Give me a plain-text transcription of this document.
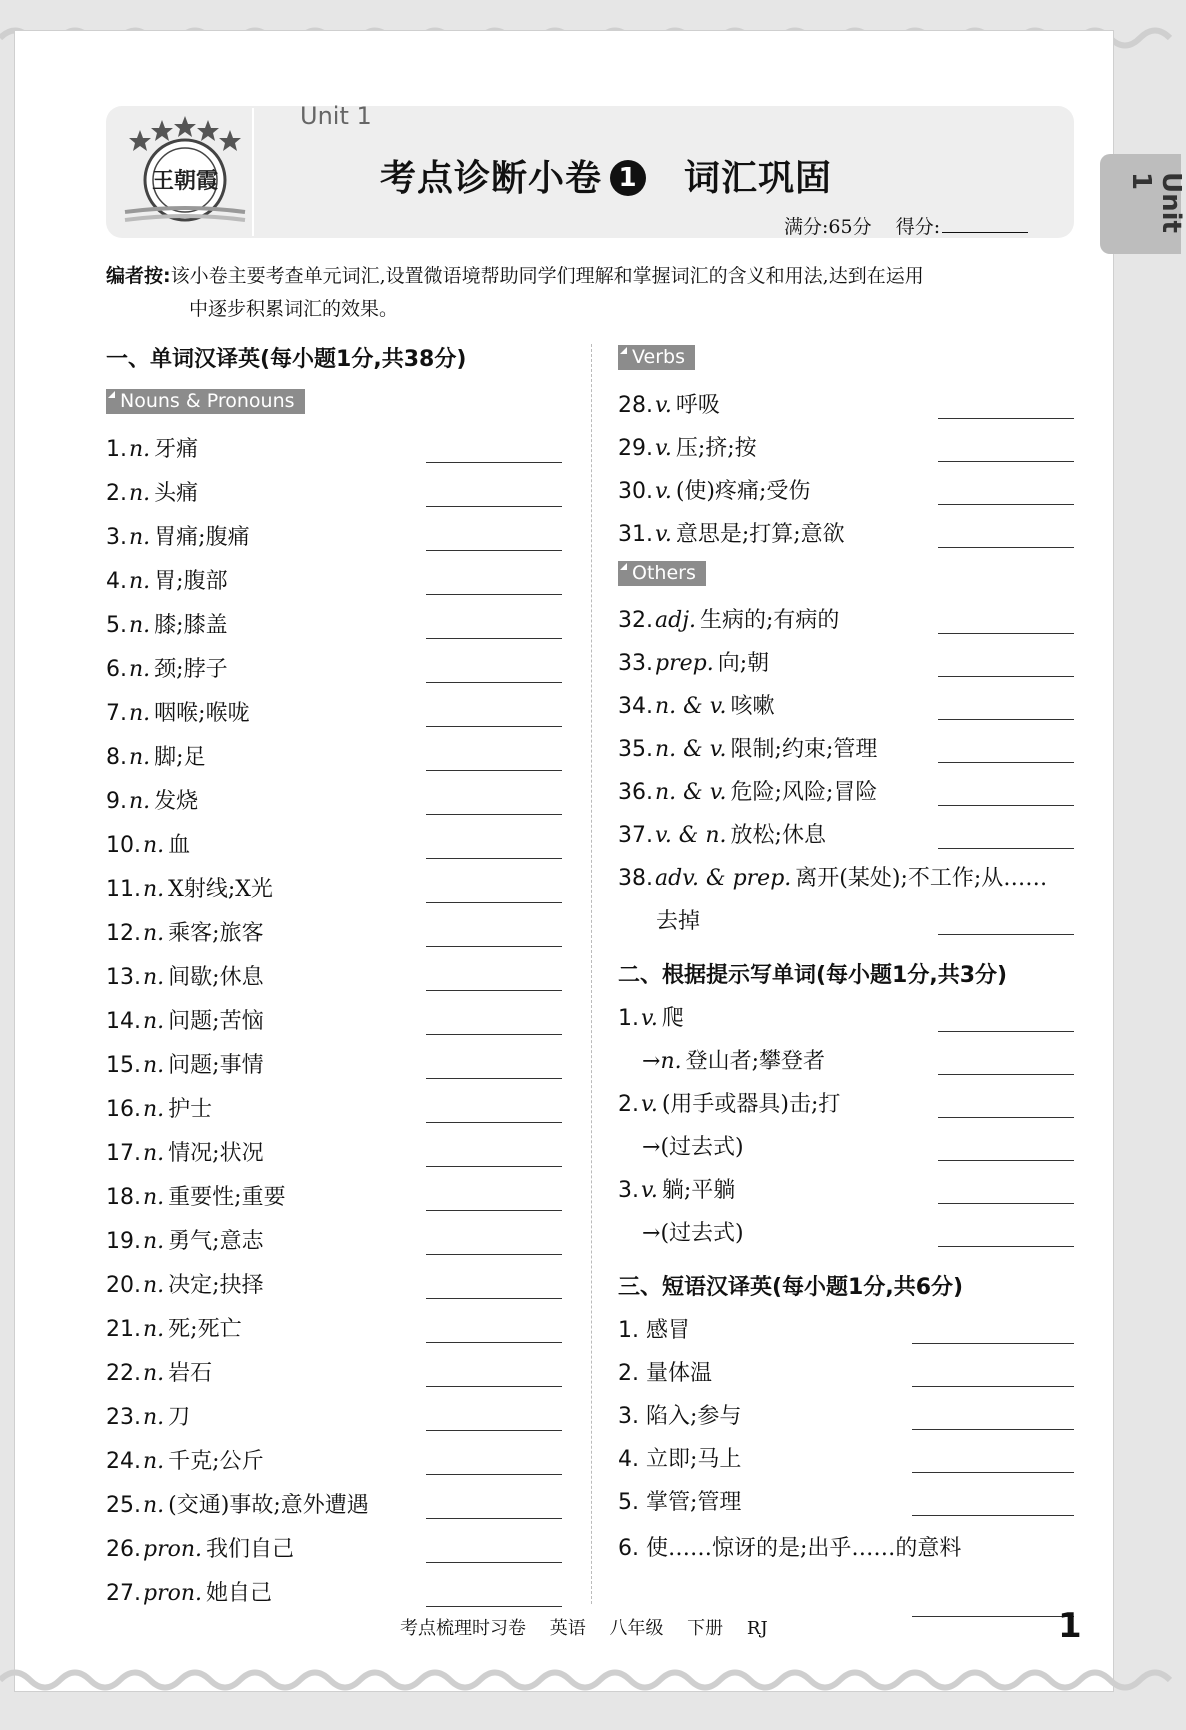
王朝霞
Unit 1
考点诊断小卷 1 词汇巩固
满分:65分 得分:	Unit 1
编者按:该小卷主要考查单元词汇,设置微语境帮助同学们理解和掌握词汇的含义和用法,达到在运用
中逐步积累词汇的效果。
一、单词汉译英(每小题1分,共38分)
Nouns & Pronouns
1.n. 牙痛
2.n. 头痛
3.n. 胃痛;腹痛
4.n. 胃;腹部
5.n. 膝;膝盖
6.n. 颈;脖子
7.n. 咽喉;喉咙
8.n. 脚;足
9.n. 发烧
10.n. 血
11.n. X射线;X光
12.n. 乘客;旅客
13.n. 间歇;休息
14.n. 问题;苦恼
15.n. 问题;事情
16.n. 护士
17.n. 情况;状况
18.n. 重要性;重要
19.n. 勇气;意志
20.n. 决定;抉择
21.n. 死;死亡
22.n. 岩石
23.n. 刀
24.n. 千克;公斤
25.n. (交通)事故;意外遭遇
26.pron. 我们自己
27.pron. 她自己
Verbs
28.v. 呼吸
29.v. 压;挤;按
30.v. (使)疼痛;受伤
31.v. 意思是;打算;意欲
Others
32.adj. 生病的;有病的
33.prep. 向;朝
34.n. & v. 咳嗽
35.n. & v. 限制;约束;管理
36.n. & v. 危险;风险;冒险
37.v. & n. 放松;休息
38.adv. & prep. 离开(某处);不工作;从……
去掉
二、根据提示写单词(每小题1分,共3分)
1.v. 爬
→n. 登山者;攀登者
2.v. (用手或器具)击;打
→(过去式)
3.v. 躺;平躺
→(过去式)
三、短语汉译英(每小题1分,共6分)
1. 感冒
2. 量体温
3. 陷入;参与
4. 立即;马上
5. 掌管;管理
6. 使……惊讶的是;出乎……的意料
考点梳理时习卷 英语 八年级 下册 RJ	1
